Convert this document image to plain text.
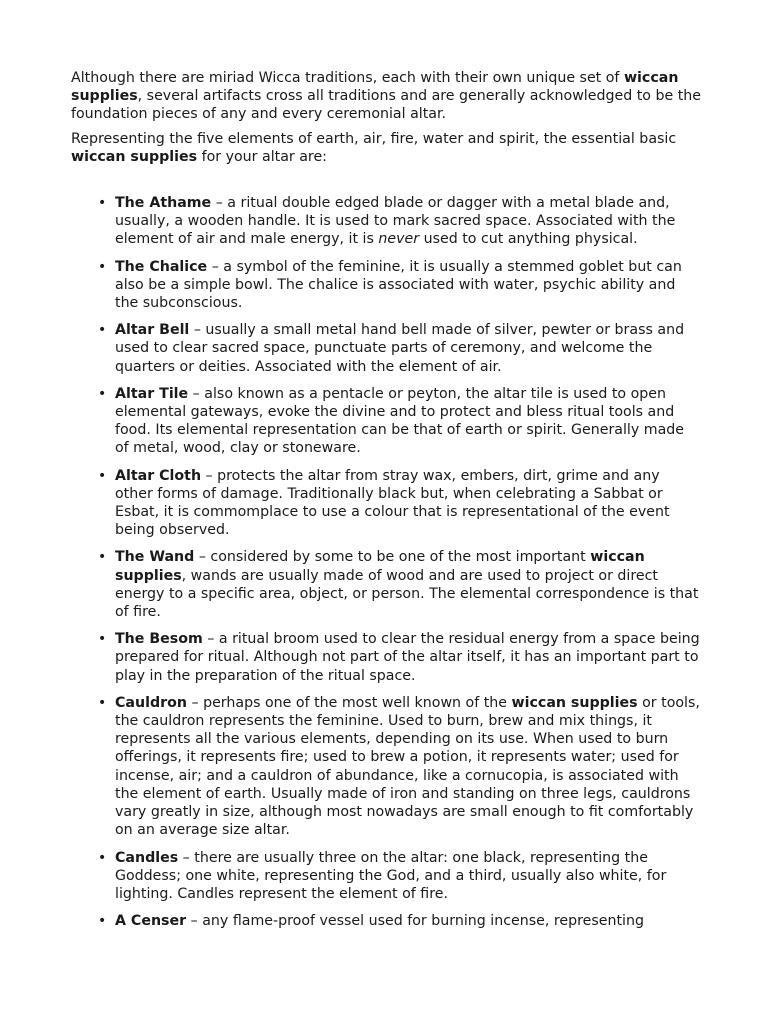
Although there are miriad Wicca traditions, each with their own unique set of wiccan supplies, several artifacts cross all traditions and are generally acknowledged to be the foundation pieces of any and every ceremonial altar.

Representing the five elements of earth, air, fire, water and spirit, the essential basic wiccan supplies for your altar are:

• The Athame – a ritual double edged blade or dagger with a metal blade and, usually, a wooden handle. It is used to mark sacred space. Associated with the element of air and male energy, it is never used to cut anything physical.
• The Chalice – a symbol of the feminine, it is usually a stemmed goblet but can also be a simple bowl. The chalice is associated with water, psychic ability and the subconscious.
• Altar Bell – usually a small metal hand bell made of silver, pewter or brass and used to clear sacred space, punctuate parts of ceremony, and welcome the quarters or deities. Associated with the element of air.
• Altar Tile – also known as a pentacle or peyton, the altar tile is used to open elemental gateways, evoke the divine and to protect and bless ritual tools and food. Its elemental representation can be that of earth or spirit. Generally made of metal, wood, clay or stoneware.
• Altar Cloth – protects the altar from stray wax, embers, dirt, grime and any other forms of damage. Traditionally black but, when celebrating a Sabbat or Esbat, it is commomplace to use a colour that is representational of the event being observed.
• The Wand – considered by some to be one of the most important wiccan supplies, wands are usually made of wood and are used to project or direct energy to a specific area, object, or person. The elemental correspondence is that of fire.
• The Besom – a ritual broom used to clear the residual energy from a space being prepared for ritual. Although not part of the altar itself, it has an important part to play in the preparation of the ritual space.
• Cauldron – perhaps one of the most well known of the wiccan supplies or tools, the cauldron represents the feminine. Used to burn, brew and mix things, it represents all the various elements, depending on its use. When used to burn offerings, it represents fire; used to brew a potion, it represents water; used for incense, air; and a cauldron of abundance, like a cornucopia, is associated with the element of earth. Usually made of iron and standing on three legs, cauldrons vary greatly in size, although most nowadays are small enough to fit comfortably on an average size altar.
• Candles – there are usually three on the altar: one black, representing the Goddess; one white, representing the God, and a third, usually also white, for lighting. Candles represent the element of fire.
• A Censer – any flame-proof vessel used for burning incense, representing
